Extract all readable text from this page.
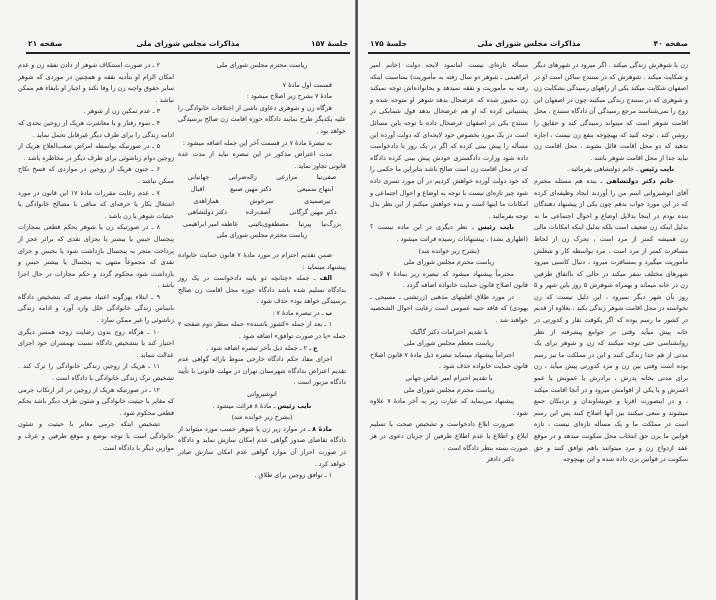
جلسهٔ ۱۵۷
مذاکرات مجلس شورای ملی
صفحه ۲۱

ریاست محترم مجلس شورای ملی

قسمت اول مادهٔ ۷

مادهٔ ۷ بشرح زیر اصلاح میشود :

هرگاه زن و شوهری دعاوی ناشی از اختلافات خانوادگی را علیه یکدیگر طرح نمایند دادگاه حوزه اقامت زن صالح برسیدگی خواهد بود .

به تبصرهٔ مادهٔ ۷ در قسمت آخر این جمله اضافه میشود :

مدت اعتراض مذکور در این تبصره نباید از مدت عده قانونی تجاوز نماید .

صفی‌نیا
مزارعی
زاله‌ضرابی
جهانبانی
ابتهاج سمیعی
دکتر مهین صنیع
اقبال
تیرصمیدی
سرخوش
همازاهدی
دکتر مهین گرگانی
آصف‌زاده
دکتر دولتشاهی
بزرگ‌نیا
پیرنیا
مصطفوی‌نائینی
عاطفه امیر ابراهیمی

ریاست محترم مجلس شورای ملی

ضمن تقدیم احترام در مورد مادهٔ ۷ قانون حمایت خانواده پیشنهاد مینماید :

الف ـ جمله «چنانچه دو باینه دادخواست در یک روز بدادگاه تسلیم شده باشد دادگاه حوزه محل اقامت زن صالح برسیدگی خواهد بود» حذف شود .

ب ـ در تبصره مادهٔ ۷ :

۱ ـ بعد از جمله «کشور باشنده» جمله سطر دوم صفحه ۲ جمله «یا در صورت توافق» اضافه شود .

ج ـ ۲ ـ جمله ذیل بآخر تبصره اضافه شود .

اجرای مفاد حکم دادگاه خارجی منوط بارائه گواهی عدم تقدیم اعتراض بدادگاه شهرستان تهران در مهلت قانونی با تأیید دادگاه مزبور است .

انوشیروانی

نایب رئیس ـ مادهٔ ۸ قرائت میشود .

(بشرح زیر خوانده شد)

مادهٔ ۸ ـ در موارد زیر زن یا شوهر حسب مورد میتواند از دادگاه تقاضای صدور گواهی عدم امکان سازش نماید و دادگاه در صورت احراز آن موارد گواهی عدم امکان سازش صادر خواهد کرد .

۱ ـ توافق زوجین برای طلاق .

۲ ـ در صورت استنکاف شوهر از دادن نفقه زن و عدم امکان الزام او بتأدیه نفقه و همچنین در موردی که شوهر سایر حقوق واجبه زن را وفا نکند و اجبار او بایفاء هم ممکن نباشد .

۳ ـ عدم تمکین زن از شوهر .

۴ ـ سوء رفتار و یا معاشرت هریک از زوجین بحدی که ادامه زندگی را برای طرف دیگر غیرقابل تحمل نماید .

۵ ـ در صورتیکه بواسطه امراض صعب‌العلاج هریک از زوجین دوام زناشوئی برای طرف دیگر در مخاطره باشد .

۶ ـ جنون هریک از زوجین در مواردی که فسخ نکاح ممکن نباشد .

۷ ـ عدم رعایت مقررات مادهٔ ۱۷ این قانون در مورد اشتغال بکار یا حرفه‌ای که منافی با مصالح خانوادگی یا حیثیات شوهر یا زن باشد .

۸ ـ در صورتیکه زن یا شوهر بحکم قطعی بمجازات پنجسال حبس یا بیشتر یا بجزای نقدی که براثر عجز از پرداخت منجر به پنجسال بازداشت شود یا بحبس و جزای نقدی که مجموعاً منتهی به پنجسال یا بیشتر حبس و بازداشت شود محکوم گردد و حکم مجازات در حال اجرا باشد .

۹ ـ ابتلاء بهرگونه اعتیاد مضری که بتشخیص دادگاه باساس زندگی خانوادگی خلل وارد آورد و ادامه زندگی زناشوئی را غیر ممکن سازد .

۱۰ ـ هرگاه زوج بدون رضایت زوجه همسر دیگری اختیار کند یا بتشخیص دادگاه نسبت بهمسران خود اجرای عدالت ننماید .

۱۱ ـ هریک از زوجین زندگی خانوادگی را ترک کند . تشخیص ترک زندگی خانوادگی با دادگاه است .

۱۲ ـ در صورتیکه هریک از زوجین در اثر ارتکاب جرمی که مغایر با حیثیت خانوادگی و شئون طرف دیگر باشد بحکم قطعی محکوم شود .

تشخیص اینکه جرمی مغایر با حیثیت و شئون خانوادگی است با توجه بوضع و موقع طرفین و عرف و موازین دیگر با دادگاه است .

صفحه ۴۰
مذاکرات مجلس شورای ملی
جلسهٔ ۱۷۵

زن با شوهرش زندگی میکند . اگر میرود در شهرهای دیگر و شکایت میکند . شوهرش که در سنندج ساکن است او در اصفهان شکایت میکند یکی از راههای رسیدگی بشکایت زن و شوهری که در سنندج زندگی میکنند چون در اصفهان این زوج را نمی‌شناسند مرجع رسیدگی آن دادگاه سنندج ، محل اقامت شوهر است که میتواند رسیدگی کند و حقایق را روشن کند ، توجه کنید که بهیچوجه بنفع زن نیست ، اجازه ندهید که دو محل اقامت قائل بشوند ، محل اقامت زن نباید جدا از محل اقامت شوهر باشد .

نایب رئیس ـ خانم دولتشاهی بفرمائید .

خانم دکتر دولتشاهی ـ بنده هم مسئله محترم آقای انوشیروانی اسم من را آوردند ایجاد وظیفه‌ای کرده که در این مورد جواب بدهم چون یکی از پیشنهاد دهندگان بنده بودم در اینجا بدلایل اوضاع و احوال اجتماعی ما نه بدلیل اینکه زن ضعیف است بلکه بدلیل اینکه امکانات مالی زن همیشه کمتر از مرد است ، تحرک زن از لحاظ مسافرت کمتر از مرد است ، مرد بواسطه کار و شغلش مأموریت میگیرد و بمسافرت میرود ، دنبال کاسبی میرود شهرهای مختلف سفر میکند در حالی که بااتفاق طرفین زن در خانه میماند و بهمراه شوهرش ۵ روز باین شهر و ۵ روز بآن شهر دیگر نمیرود ، این دلیل نیست که زن نخواسته در محل اقامت شوهر زندگی بکند ، بعلاوه از قدیم در کشور ما رسم بوده که اگر یکوقت نقار و کدورتی در خانه پیش میآید وقتی در جوامع پیشرفته از نظر روانشناسی حتی توجه میکنند که زن و شوهر برای یک مدتی از هم جدا زندگی کنند و این در مملکت ما نیز رسم بوده است وقتی بین زن و مرد کدورتی پیش میآید ، زن برای مدتی بخانه پدرش ، برادرش یا عمویش یا عمو اعمرش و یا یکی از اقوامش میرود و در آنجا اقامت میکند ، و در اینصورت اقربا و خویشاوندان و نزدیکان جمع میشوند و سعی میکنند بین آنها اصلاح کنند پس این رسم است در مملکت ما و یک مسأله تازه‌ای نیست ، تازه قوانین ما بزن حق انتخاب محل سکونت میدهد و در موقع عقد ازدواج زن و مرد میتوانند باهم توافق کنند و حق سکونت در قوانین بزن داده شده و این بهیچوجه

مسأله تازه‌ای نیست امانمود لایحه دولت (خانم امیر ابراهیمی ـ شوهر دو سال رفته به مأموریت) بمناسبت اینکه رفته به مأموریت و نفقه نمیدهد و بخانواده‌اش توجه نمیکند زن مجبور شده که عرضحال بدهد شوهر او متوجه شده و پشتیبانی کرده که او هم عرضحال بدهد قول شمایکی در سنندج یکی در اصفهان عرضحال داده با توجه باین مسائل است در یک مورد بخصوص خود لایحه‌ای که دولت آورده این مسأله را پیش بینی کرده که اگر در یک روز تا دادخواست داده شود وزارت دادگستری خودش پیش بینی کرده دادگاه که در محل اقامت زن است صالح باشد بنابراین ما حکمی را که خود دولت آورده خواهش کردیم در آن مورد تسری داده شود چیز تازه‌ای نیست با توجه به اوضاع و احوال اجتماعی و امکانات ما اینها است و بنده خواهش میکنم از این نظر بذل توجه بفرمائید .

نایب رئیس ـ نظر دیگری در این ماده نیست ؟ (اظهاری نشد) ، پیشنهادات رسیده قرائت میشود .

(بشرح زیر خوانده شد)

ریاست محترم مجلس شورای ملی

محترماً پیشنهاد میشود که تبصره زیر بمادهٔ ۷ لایحه قانون اصلاح قانون حمایت خانواده اضافه گردد .

در مورد طلاق اقلیتهای مذهبی (زرتشتی ـ مسیحی ـ یهودی) که فاقد جنبه عمومی است رعایت احوال الشخصیه خواهند شد .

با تقدیم احترامات دکتر گاگیک

ریاست معظم مجلس شورای ملی

احتراماً پیشنهاد مینماید تبصره ذیل مادهٔ ۷ قانون اصلاح قانون حمایت خانواده حذف شود .

با تقدیم احترام امیر عباس جهانی

ریاست محترم مجلس شورای ملی

پیشنهاد می‌نماید که عبارت زیر به آخر مادهٔ ۷ علاوه شود .

ضرورت ابلاغ دادخواست و تشخیص صحت یا تسلیم ابلاغ و اطلاع یا عدم اطلاع طرفین از جریان دعوی در هر صورت بسته بنظر دادگاه است .

دکتر دادفر
